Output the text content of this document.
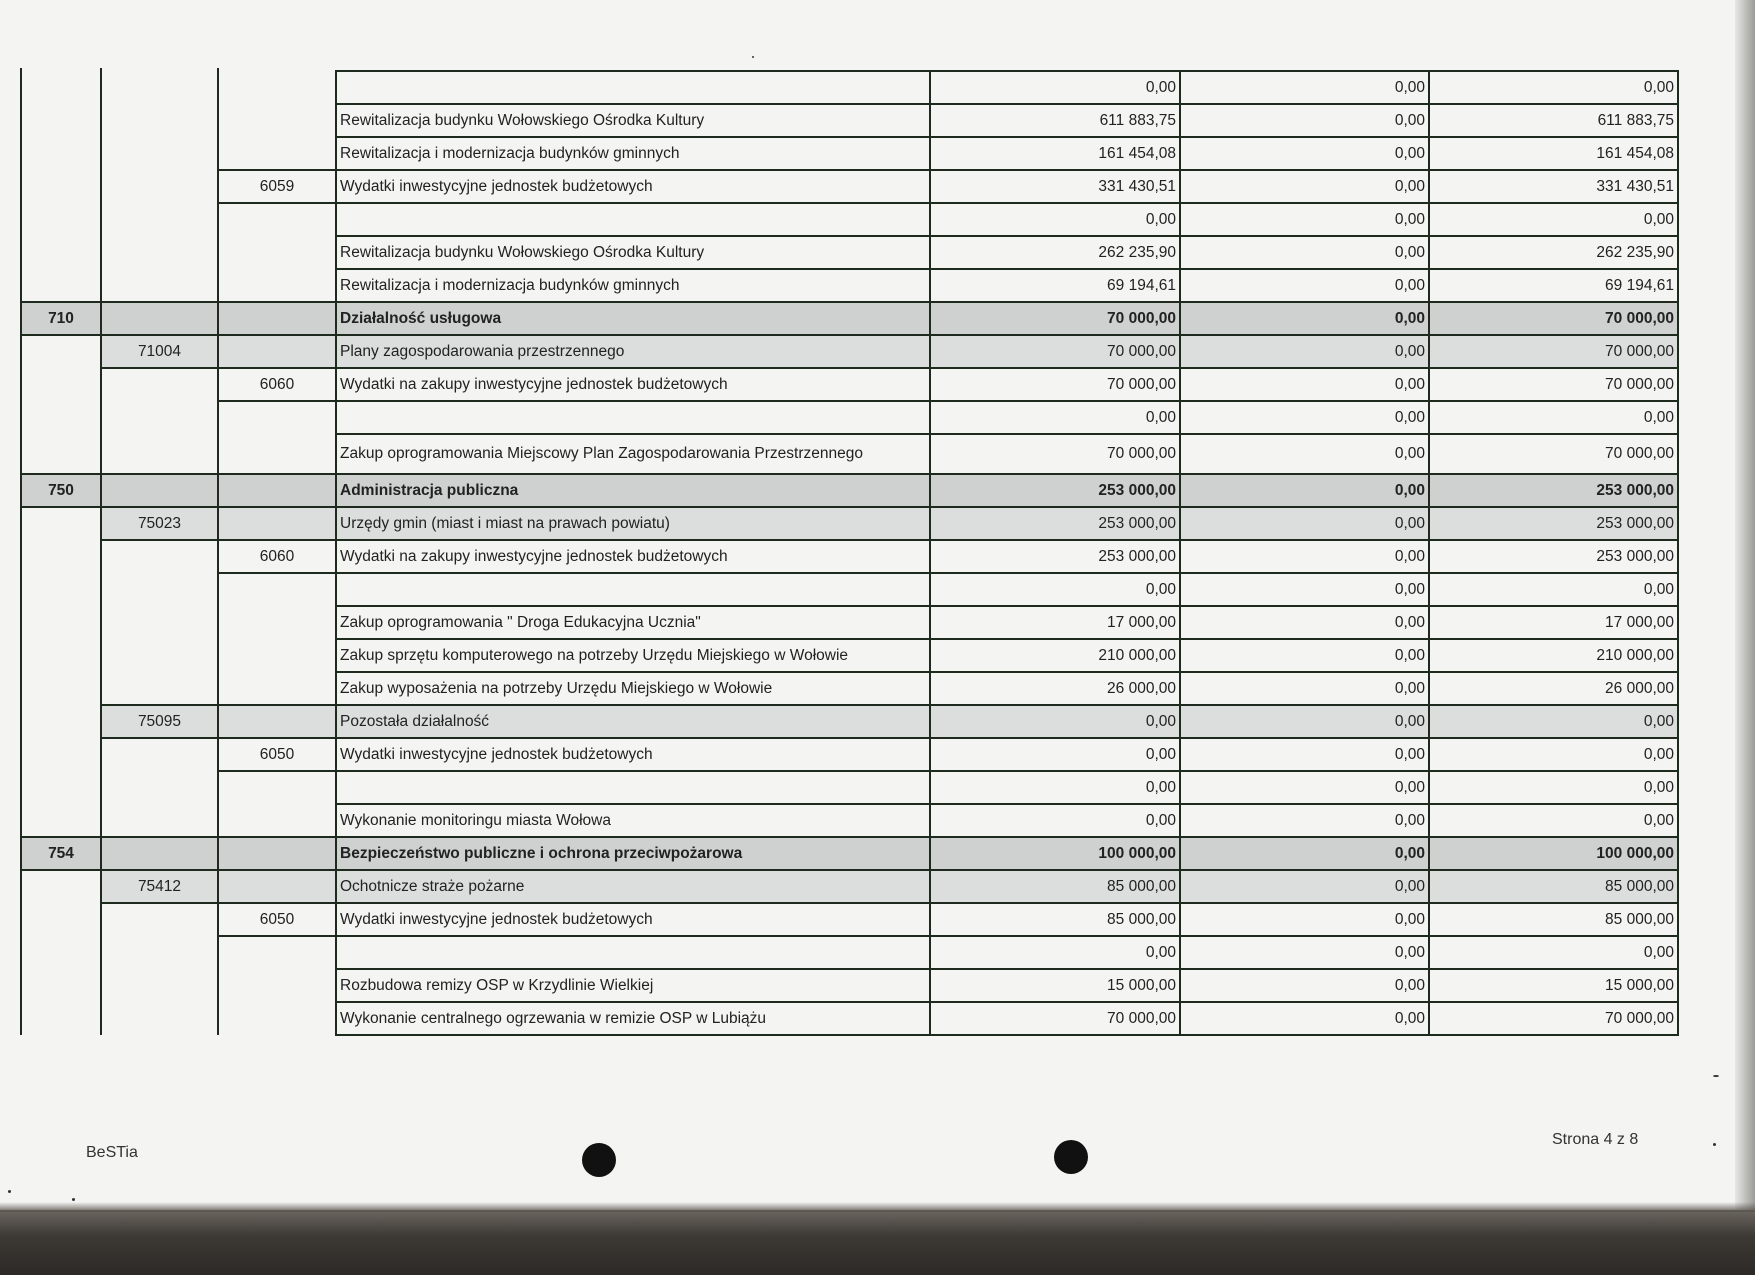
				0,00	0,00	0,00
			Rewitalizacja budynku Wołowskiego Ośrodka Kultury	611 883,75	0,00	611 883,75
			Rewitalizacja i modernizacja budynków gminnych	161 454,08	0,00	161 454,08
		6059	Wydatki inwestycyjne jednostek budżetowych	331 430,51	0,00	331 430,51
				0,00	0,00	0,00
			Rewitalizacja budynku Wołowskiego Ośrodka Kultury	262 235,90	0,00	262 235,90
			Rewitalizacja i modernizacja budynków gminnych	69 194,61	0,00	69 194,61
710			Działalność usługowa	70 000,00	0,00	70 000,00
	71004		Plany zagospodarowania przestrzennego	70 000,00	0,00	70 000,00
		6060	Wydatki na zakupy inwestycyjne jednostek budżetowych	70 000,00	0,00	70 000,00
				0,00	0,00	0,00
			Zakup oprogramowania Miejscowy Plan Zagospodarowania Przestrzennego	70 000,00	0,00	70 000,00
750			Administracja publiczna	253 000,00	0,00	253 000,00
	75023		Urzędy gmin (miast i miast na prawach powiatu)	253 000,00	0,00	253 000,00
		6060	Wydatki na zakupy inwestycyjne jednostek budżetowych	253 000,00	0,00	253 000,00
				0,00	0,00	0,00
			Zakup oprogramowania " Droga Edukacyjna Ucznia"	17 000,00	0,00	17 000,00
			Zakup sprzętu komputerowego na potrzeby Urzędu Miejskiego w Wołowie	210 000,00	0,00	210 000,00
			Zakup wyposażenia na potrzeby Urzędu Miejskiego w Wołowie	26 000,00	0,00	26 000,00
	75095		Pozostała działalność	0,00	0,00	0,00
		6050	Wydatki inwestycyjne jednostek budżetowych	0,00	0,00	0,00
				0,00	0,00	0,00
			Wykonanie monitoringu miasta Wołowa	0,00	0,00	0,00
754			Bezpieczeństwo publiczne i ochrona przeciwpożarowa	100 000,00	0,00	100 000,00
	75412		Ochotnicze straże pożarne	85 000,00	0,00	85 000,00
		6050	Wydatki inwestycyjne jednostek budżetowych	85 000,00	0,00	85 000,00
				0,00	0,00	0,00
			Rozbudowa remizy OSP w Krzydlinie Wielkiej	15 000,00	0,00	15 000,00
			Wykonanie centralnego ogrzewania w remizie OSP w Lubiążu	70 000,00	0,00	70 000,00
BeSTia
Strona 4 z 8
